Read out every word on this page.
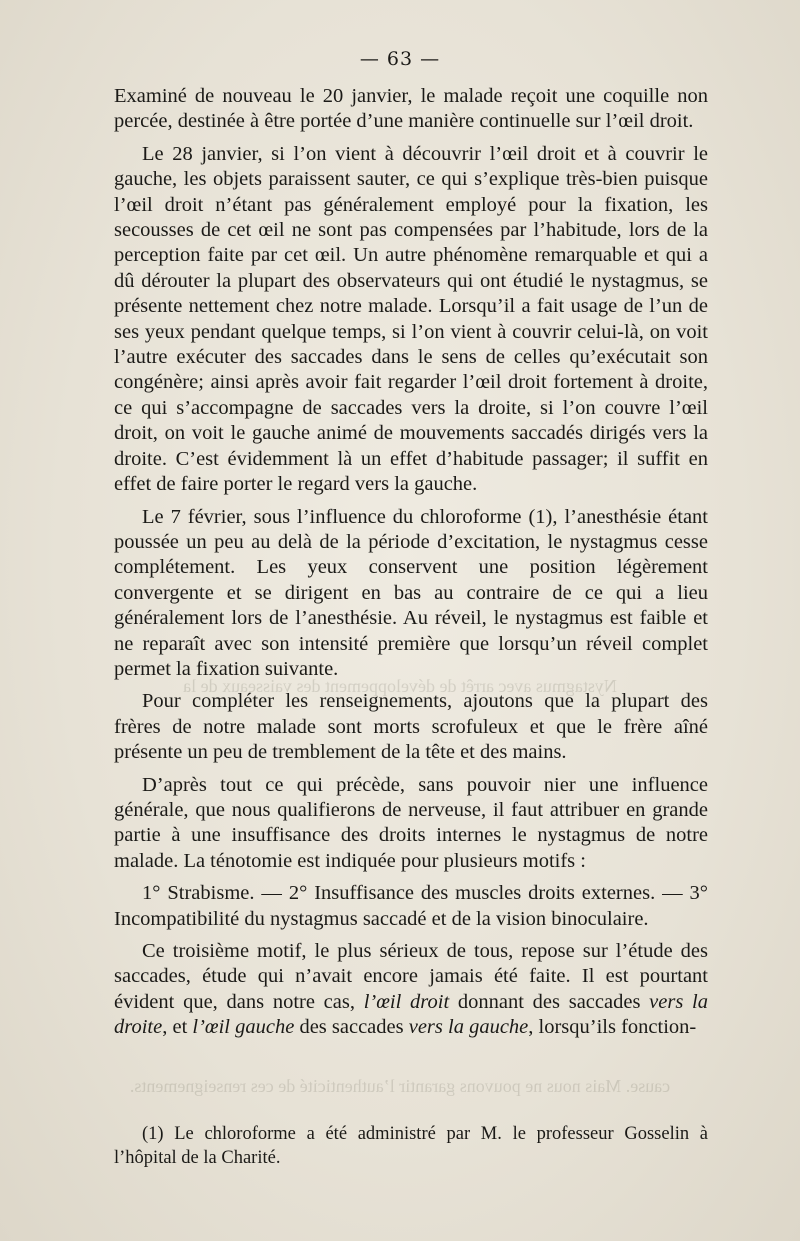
Nystagmus avec arrêt de développement des vaisseaux de la
cause. Mais nous ne pouvons garantir l’authenticité de ces renseignements.
— 63 —

Examiné de nouveau le 20 janvier, le malade reçoit une coquille non percée, destinée à être portée d’une manière continuelle sur l’œil droit.

Le 28 janvier, si l’on vient à découvrir l’œil droit et à couvrir le gauche, les objets paraissent sauter, ce qui s’explique très-bien puisque l’œil droit n’étant pas généralement employé pour la fixation, les secousses de cet œil ne sont pas compensées par l’habitude, lors de la perception faite par cet œil. Un autre phénomène remarquable et qui a dû dérouter la plupart des observateurs qui ont étudié le nystagmus, se présente nettement chez notre malade. Lorsqu’il a fait usage de l’un de ses yeux pendant quelque temps, si l’on vient à couvrir celui-là, on voit l’autre exécuter des saccades dans le sens de celles qu’exécutait son congénère; ainsi après avoir fait regarder l’œil droit fortement à droite, ce qui s’accompagne de saccades vers la droite, si l’on couvre l’œil droit, on voit le gauche animé de mouvements saccadés dirigés vers la droite. C’est évidemment là un effet d’habitude passager; il suffit en effet de faire porter le regard vers la gauche.

Le 7 février, sous l’influence du chloroforme (1), l’anesthésie étant poussée un peu au delà de la période d’excitation, le nystagmus cesse complétement. Les yeux conservent une position légèrement convergente et se dirigent en bas au contraire de ce qui a lieu généralement lors de l’anesthésie. Au réveil, le nystagmus est faible et ne reparaît avec son intensité première que lorsqu’un réveil complet permet la fixation suivante.

Pour compléter les renseignements, ajoutons que la plupart des frères de notre malade sont morts scrofuleux et que le frère aîné présente un peu de tremblement de la tête et des mains.

D’après tout ce qui précède, sans pouvoir nier une influence générale, que nous qualifierons de nerveuse, il faut attribuer en grande partie à une insuffisance des droits internes le nystagmus de notre malade. La ténotomie est indiquée pour plusieurs motifs :

1° Strabisme. — 2° Insuffisance des muscles droits externes. — 3° Incompatibilité du nystagmus saccadé et de la vision binoculaire.

Ce troisième motif, le plus sérieux de tous, repose sur l’étude des saccades, étude qui n’avait encore jamais été faite. Il est pourtant évident que, dans notre cas, l’œil droit donnant des saccades vers la droite, et l’œil gauche des saccades vers la gauche, lorsqu’ils fonction-

(1) Le chloroforme a été administré par M. le professeur Gosselin à l’hôpital de la Charité.
